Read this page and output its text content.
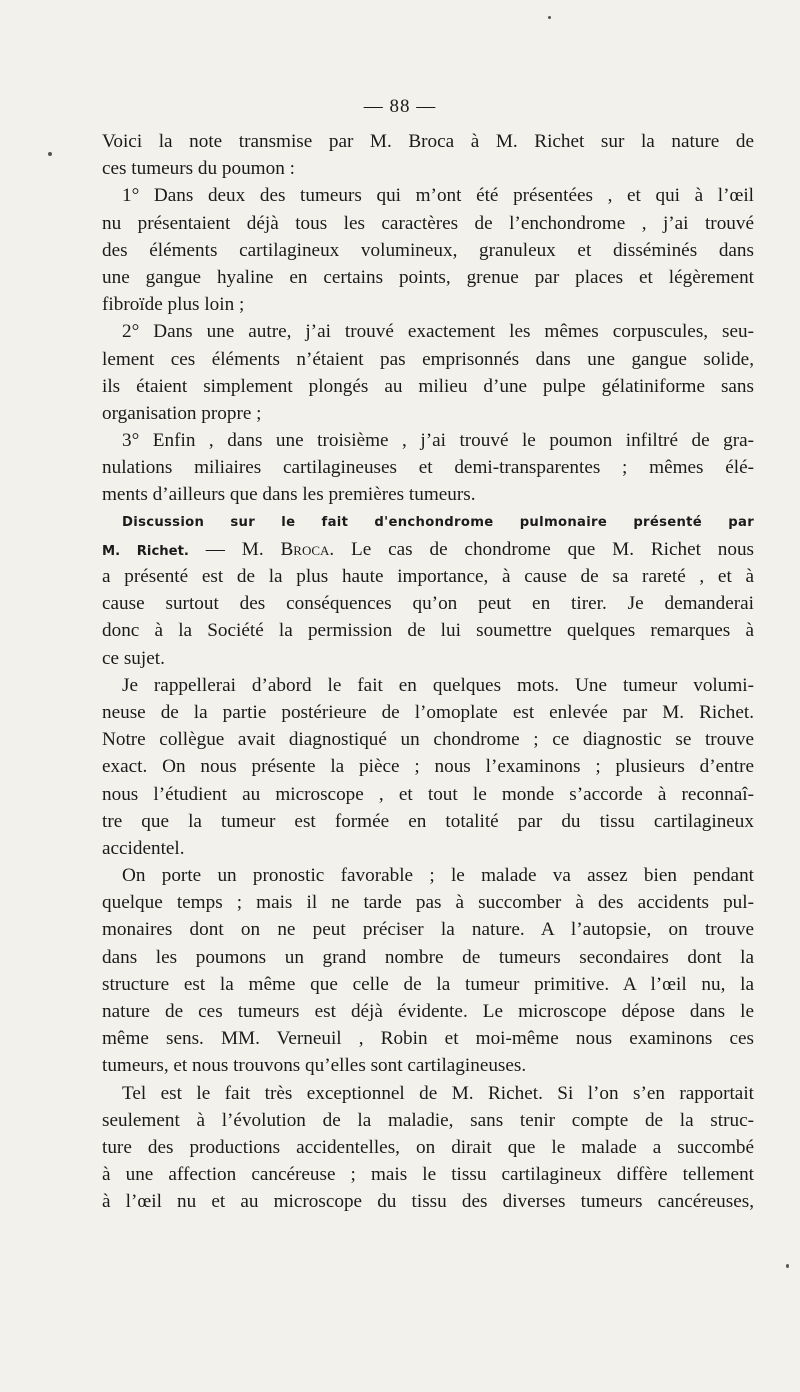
— 88 —
Voici la note transmise par M. Broca à M. Richet sur la nature de
ces tumeurs du poumon :
1° Dans deux des tumeurs qui m’ont été présentées , et qui à l’œil
nu présentaient déjà tous les caractères de l’enchondrome , j’ai trouvé
des éléments cartilagineux volumineux, granuleux et disséminés dans
une gangue hyaline en certains points, grenue par places et légèrement
fibroïde plus loin ;
2° Dans une autre, j’ai trouvé exactement les mêmes corpuscules, seu-
lement ces éléments n’étaient pas emprisonnés dans une gangue solide,
ils étaient simplement plongés au milieu d’une pulpe gélatiniforme sans
organisation propre ;
3° Enfin , dans une troisième , j’ai trouvé le poumon infiltré de gra-
nulations miliaires cartilagineuses et demi-transparentes ; mêmes élé-
ments d’ailleurs que dans les premières tumeurs.
Discussion sur le fait d'enchondrome pulmonaire présenté par
M. Richet. — M. Broca. Le cas de chondrome que M. Richet nous
a présenté est de la plus haute importance, à cause de sa rareté , et à
cause surtout des conséquences qu’on peut en tirer. Je demanderai
donc à la Société la permission de lui soumettre quelques remarques à
ce sujet.
Je rappellerai d’abord le fait en quelques mots. Une tumeur volumi-
neuse de la partie postérieure de l’omoplate est enlevée par M. Richet.
Notre collègue avait diagnostiqué un chondrome ; ce diagnostic se trouve
exact. On nous présente la pièce ; nous l’examinons ; plusieurs d’entre
nous l’étudient au microscope , et tout le monde s’accorde à reconnaî-
tre que la tumeur est formée en totalité par du tissu cartilagineux
accidentel.
On porte un pronostic favorable ; le malade va assez bien pendant
quelque temps ; mais il ne tarde pas à succomber à des accidents pul-
monaires dont on ne peut préciser la nature. A l’autopsie, on trouve
dans les poumons un grand nombre de tumeurs secondaires dont la
structure est la même que celle de la tumeur primitive. A l’œil nu, la
nature de ces tumeurs est déjà évidente. Le microscope dépose dans le
même sens. MM. Verneuil , Robin et moi-même nous examinons ces
tumeurs, et nous trouvons qu’elles sont cartilagineuses.
Tel est le fait très exceptionnel de M. Richet. Si l’on s’en rapportait
seulement à l’évolution de la maladie, sans tenir compte de la struc-
ture des productions accidentelles, on dirait que le malade a succombé
à une affection cancéreuse ; mais le tissu cartilagineux diffère tellement
à l’œil nu et au microscope du tissu des diverses tumeurs cancéreuses,
